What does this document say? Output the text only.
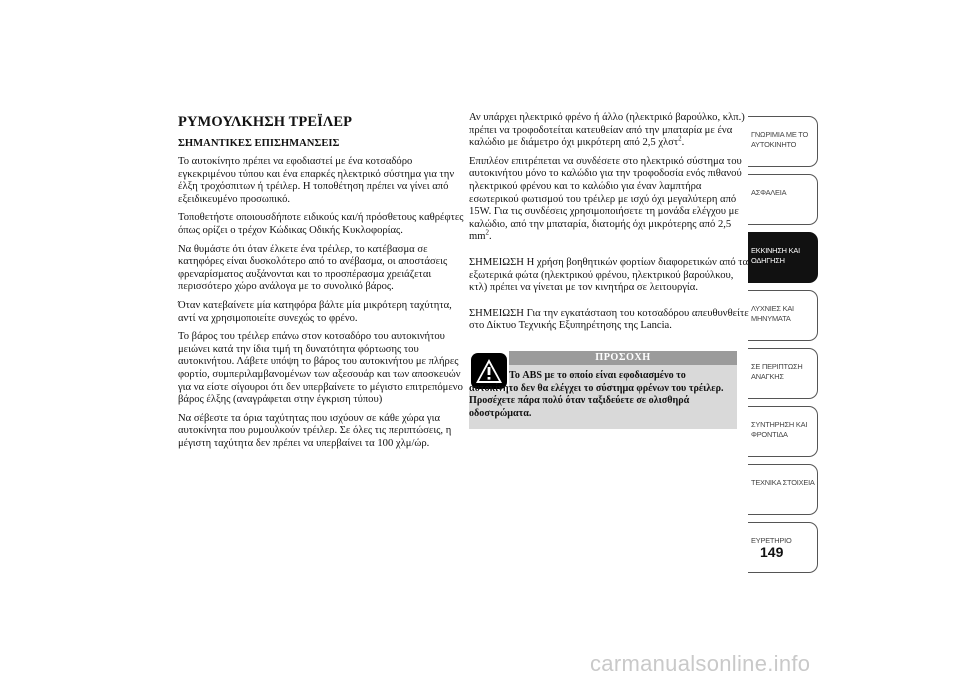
ΡΥΜΟΥΛΚΗΣΗ ΤΡΕΪΛΕΡ
ΣΗΜΑΝΤΙΚΕΣ ΕΠΙΣΗΜΑΝΣΕΙΣ

Το αυτοκίνητο πρέπει να εφοδιαστεί με ένα κοτσαδόρο εγκεκριμένου τύπου και ένα επαρκές ηλεκτρικό σύστημα για την έλξη τροχόσπιτων ή τρέιλερ. Η τοποθέτηση πρέπει να γίνει από εξειδικευμένο προσωπικό.

Τοποθετήστε οποιουσδήποτε ειδικούς και/ή πρόσθετους καθρέφτες όπως ορίζει ο τρέχον Κώδικας Οδικής Κυκλοφορίας.

Να θυμάστε ότι όταν έλκετε ένα τρέιλερ, το κατέβασμα σε κατηφόρες είναι δυσκολότερο από το ανέβασμα, οι αποστάσεις φρεναρίσματος αυξάνονται και το προσπέρασμα χρειάζεται περισσότερο χώρο ανάλογα με το συνολικό βάρος.

Όταν κατεβαίνετε μία κατηφόρα βάλτε μία μικρότερη ταχύτητα, αντί να χρησιμοποιείτε συνεχώς το φρένο.

Το βάρος του τρέιλερ επάνω στον κοτσαδόρο του αυτοκινήτου μειώνει κατά την ίδια τιμή τη δυνατότητα φόρτωσης του αυτοκινήτου. Λάβετε υπόψη το βάρος του αυτοκινήτου με πλήρες φορτίο, συμπεριλαμβανομένων των αξεσουάρ και των αποσκευών για να είστε σίγουροι ότι δεν υπερβαίνετε το μέγιστο επιτρεπόμενο βάρος έλξης (αναγράφεται στην έγκριση τύπου)

Να σέβεστε τα όρια ταχύτητας που ισχύουν σε κάθε χώρα για αυτοκίνητα που ρυμουλκούν τρέιλερ. Σε όλες τις περιπτώσεις, η μέγιστη ταχύτητα δεν πρέπει να υπερβαίνει τα 100 χλμ/ώρ.

Αν υπάρχει ηλεκτρικό φρένο ή άλλο (ηλεκτρικό βαρούλκο, κλπ.) πρέπει να τροφοδοτείται κατευθείαν από την μπαταρία με ένα καλώδιο με διάμετρο όχι μικρότερη από 2,5 χλστ$^2$.

Επιπλέον επιτρέπεται να συνδέσετε στο ηλεκτρικό σύστημα του αυτοκινήτου μόνο το καλώδιο για την τροφοδοσία ενός πιθανού ηλεκτρικού φρένου και το καλώδιο για έναν λαμπτήρα εσωτερικού φωτισμού του τρέιλερ με ισχύ όχι μεγαλύτερη από 15W. Για τις συνδέσεις χρησιμοποιήσετε τη μονάδα ελέγχου με καλώδιο, από την μπαταρία, διατομής όχι μικρότερης από 2,5 $mm^2$.

ΣΗΜΕΙΩΣΗ Η χρήση βοηθητικών φορτίων διαφορετικών από τα εξωτερικά φώτα (ηλεκτρικού φρένου, ηλεκτρικού βαρούλκου, κτλ) πρέπει να γίνεται με τον κινητήρα σε λειτουργία.

ΣΗΜΕΙΩΣΗ Για την εγκατάσταση του κοτσαδόρου απευθυνθείτε στο Δίκτυο Τεχνικής Εξυπηρέτησης της Lancia.

ΠΡΟΣΟΧΗ
Το ABS με το οποίο είναι εφοδιασμένο το αυτοκίνητο δεν θα ελέγχει το σύστημα φρένων του τρέιλερ. Προσέχετε πάρα πολύ όταν ταξιδεύετε σε ολισθηρά οδοστρώματα.
ΓΝΩΡΙΜΙΑ ΜΕ ΤΟ
ΑΥΤΟΚΙΝΗΤΟ
ΑΣΦΑΛΕΙΑ

ΕΚΚΙΝΗΣΗ ΚΑΙ
ΟΔΗΓΗΣΗ
ΛΥΧΝΙΕΣ ΚΑΙ
ΜΗΝΥΜΑΤΑ
ΣΕ ΠΕΡΙΠΤΩΣΗ
ΑΝΑΓΚΗΣ
ΣΥΝΤΗΡΗΣΗ ΚΑΙ
ΦΡΟΝΤΙΔΑ
ΤΕΧΝΙΚΑ ΣΤΟΙΧΕΙΑ

ΕΥΡΕΤΗΡΙΟ

149
carmanualsonline.info
